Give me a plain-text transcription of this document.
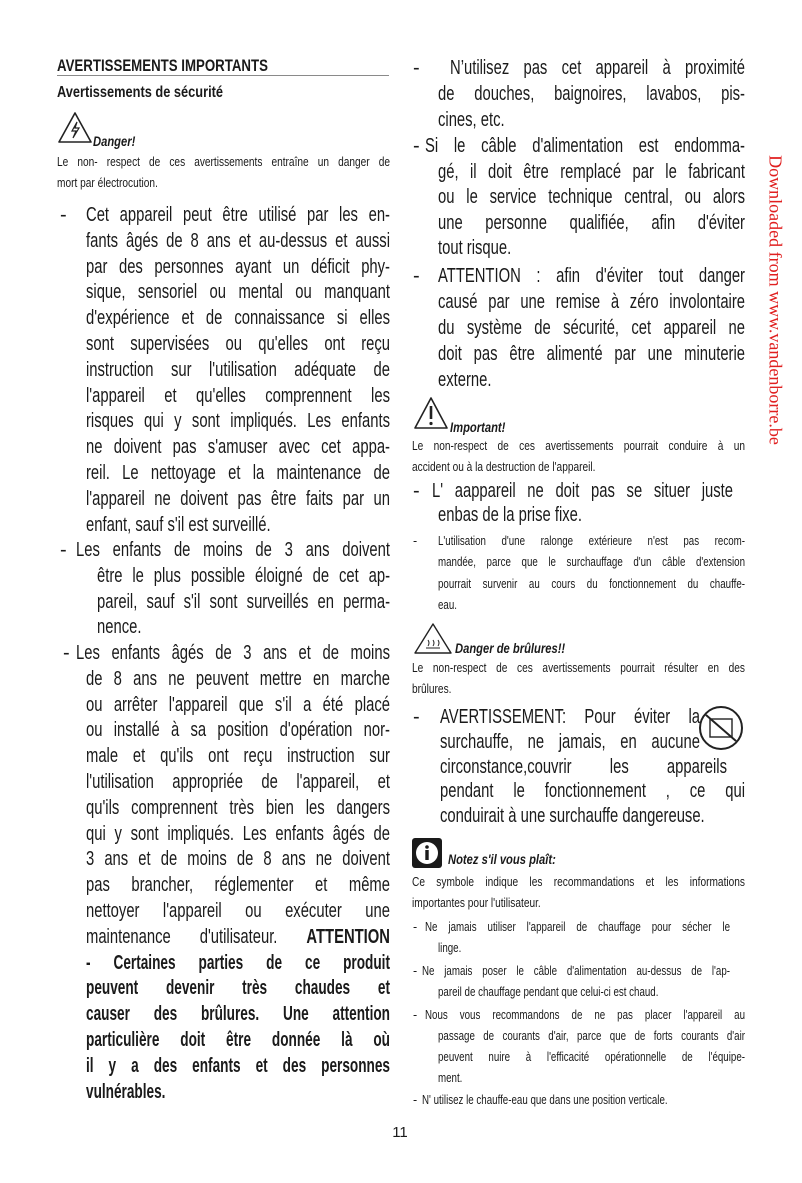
AVERTISSEMENTS IMPORTANTS
Avertissements de sécurité
Danger!
Important!
Danger de brûlures!!
Notez s'il vous plaît:
Le non- respect de ces avertissements entraîne un danger de
mort par électrocution.
- Cet appareil peut être utilisé par les en-
fants âgés de 8 ans et au-dessus et aussi
par des personnes ayant un déficit phy-
sique, sensoriel ou mental ou manquant
d'expérience et de connaissance si elles
sont supervisées ou qu'elles ont reçu
instruction sur l'utilisation adéquate de
l'appareil et qu'elles comprennent les
risques qui y sont impliqués. Les enfants
ne doivent pas s'amuser avec cet appa-
reil. Le nettoyage et la maintenance de
l'appareil ne doivent pas être faits par un
enfant, sauf s'il est surveillé.
- Les enfants de moins de 3 ans doivent
être le plus possible éloigné de cet ap-
pareil, sauf s'il sont surveillés en perma-
nence.
- Les enfants âgés de 3 ans et de moins
de 8 ans ne peuvent mettre en marche
ou arrêter l'appareil que s'il a été placé
ou installé à sa position d'opération nor-
male et qu'ils ont reçu instruction sur
l'utilisation appropriée de l'appareil, et
qu'ils comprennent très bien les dangers
qui y sont impliqués. Les enfants âgés de
3 ans et de moins de 8 ans ne doivent
pas brancher, réglementer et même
nettoyer l'appareil ou exécuter une
maintenance d'utilisateur. ATTENTION
- Certaines parties de ce produit
peuvent devenir très chaudes et
causer des brûlures. Une attention
particulière doit être donnée là où
il y a des enfants et des personnes
vulnérables.
- N’utilisez pas cet appareil à proximité
de douches, baignoires, lavabos, pis-
cines, etc.
- Si le câble d'alimentation est endomma-
gé, il doit être remplacé par le fabricant
ou le service technique central, ou alors
une personne qualifiée, afin d'éviter
tout risque.
- ATTENTION : afin d'éviter tout danger
causé par une remise à zéro involontaire
du système de sécurité, cet appareil ne
doit pas être alimenté par une minuterie
externe.
Le non-respect de ces avertissements pourrait conduire à un
accident ou à la destruction de l'appareil.
- L' aappareil ne doit pas se situer juste
enbas de la prise fixe.
- L'utilisation d'une ralonge extérieure n'est pas recom-
mandée, parce que le surchauffage d'un câble d'extension
pourrait survenir au cours du fonctionnement du chauffe-
eau.
Le non-respect de ces avertissements pourrait résulter en des
brûlures.
- AVERTISSEMENT: Pour éviter la
surchauffe, ne jamais, en aucune
circonstance,couvrir les appareils
pendant le fonctionnement , ce qui
conduirait à une surchauffe dangereuse.
Ce symbole indique les recommandations et les informations
importantes pour l'utilisateur.
- Ne jamais utiliser l'appareil de chauffage pour sécher le
linge.
- Ne jamais poser le câble d'alimentation au-dessus de l'ap-
pareil de chauffage pendant que celui-ci est chaud.
- Nous vous recommandons de ne pas placer l'appareil au
passage de courants d'air, parce que de forts courants d'air
peuvent nuire à l'efficacité opérationnelle de l'équipe-
ment.
- N' utilisez le chauffe-eau que dans une position verticale.
Downloaded from www.vandenborre.be
11
